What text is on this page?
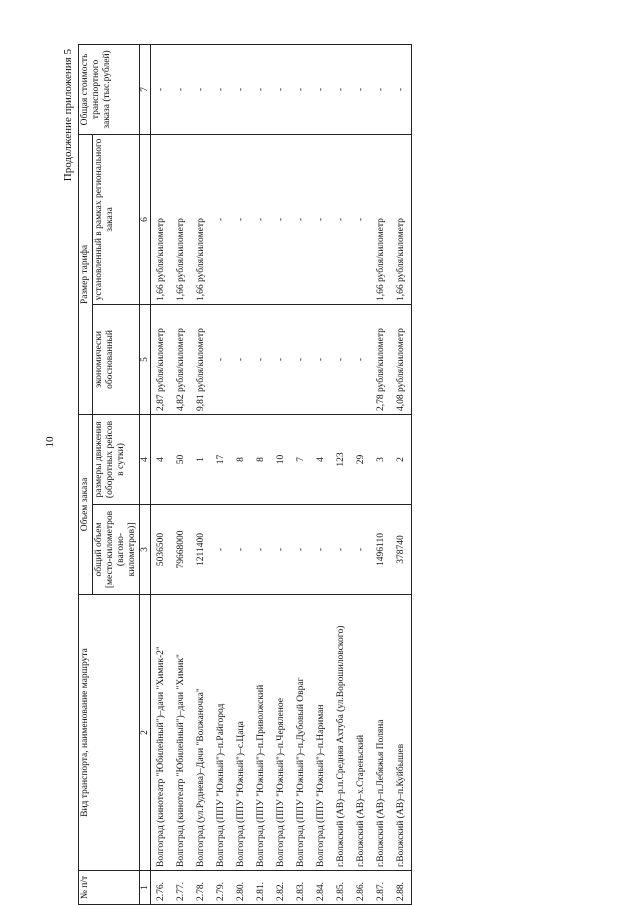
10
Продолжение приложения 5
№ п/т	Вид транспорта, наименование маршрута	Объем заказа		Размер тарифа		Общая стоимость транспортного заказа (тыс.рублей)
		общий объем [место-километров (вагоно-километров)]	размеры движения (оборотных рейсов в сутки)	экономически обоснованный	установленный в рамках регионального заказа	
1	2	3	4	5	6	7
2.76.	Волгоград (кинотеатр "Юбилейный")–дачи "Химик-2"	5036500	4	2,87 рубля/километр	1,66 рубля/километр	-
2.77.	Волгоград (кинотеатр "Юбилейный")–дачи "Химик"	79668000	50	4,82 рубля/километр	1,66 рубля/километр	-
2.78.	Волгоград (ул.Руднева)–Дачи "Волжаночка"	1211400	1	9,81 рубля/километр	1,66 рубля/километр	-
2.79.	Волгоград (ППУ "Южный")–п.Райгород	-	17	-	-	-
2.80.	Волгоград (ППУ "Южный")–с.Цаца	-	8	-	-	-
2.81.	Волгоград (ППУ "Южный")–п.Приволжский	-	8	-	-	-
2.82.	Волгоград (ППУ "Южный")–п.Черяленое	-	10	-	-	-
2.83.	Волгоград (ППУ "Южный")–п.Дубовый Овраг	-	7	-	-	-
2.84.	Волгоград (ППУ "Южный")–п.Нариман	-	4	-	-	-
2.85.	г.Волжский (АВ)–р.п.Средняя Ахтуба (ул.Ворошиловского)	-	123	-	-	-
2.86.	г.Волжский (АВ)–х.Стареньский	-	29	-	-	-
2.87.	г.Волжский (АВ)–п.Лебяжья Поляна	1496110	3	2,78 рубля/километр	1,66 рубля/километр	-
2.88.	г.Волжский (АВ)–п.Куйбышев	378740	2	4,08 рубля/километр	1,66 рубля/километр	-
